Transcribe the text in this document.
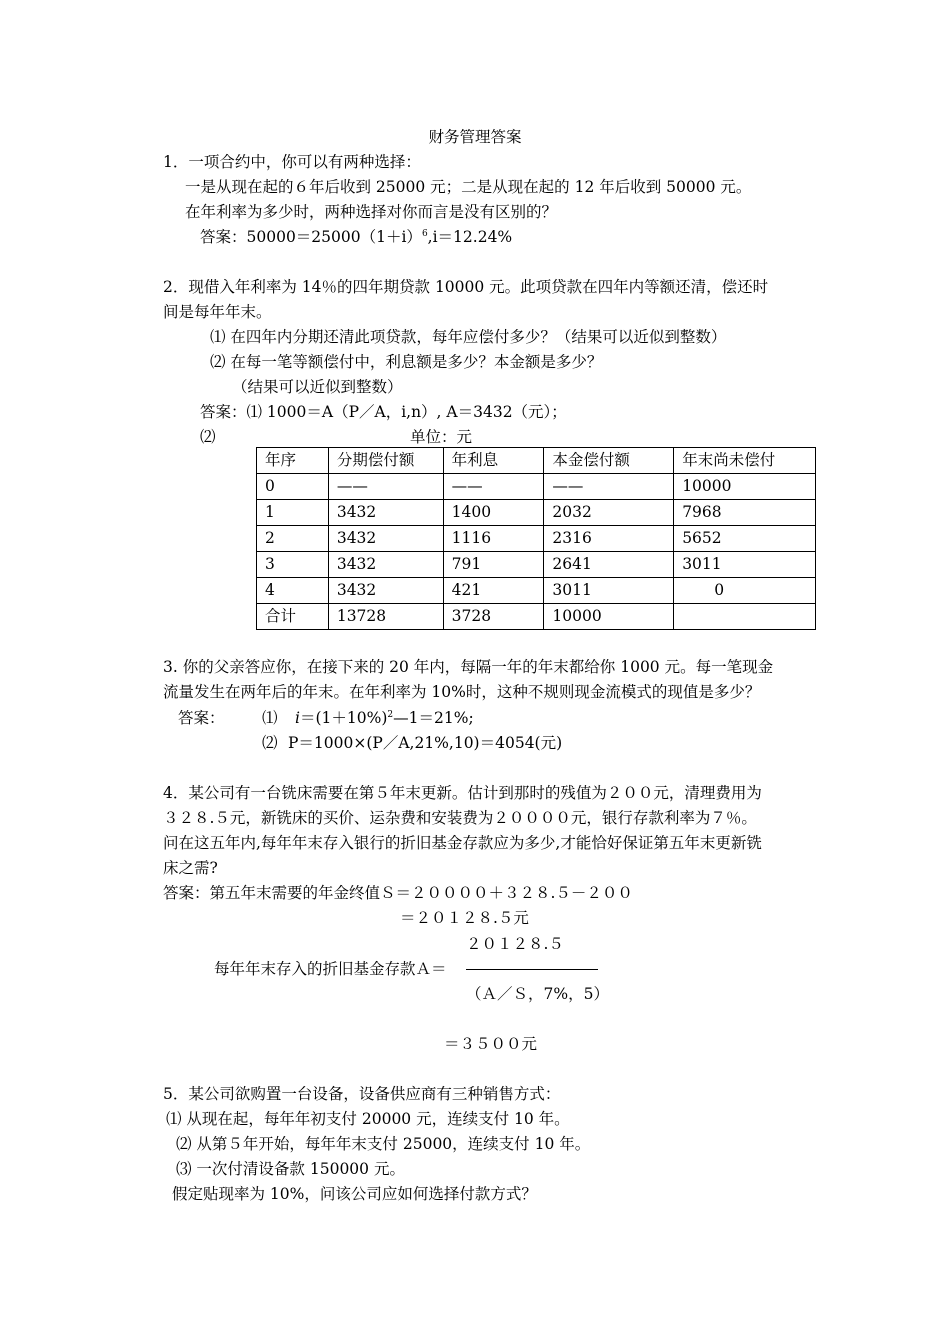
财务管理答案
1．一项合约中，你可以有两种选择：
一是从现在起的６年后收到 25000 元；二是从现在起的 12 年后收到 50000 元。
在年利率为多少时，两种选择对你而言是没有区别的？
答案：$50000=25000(1+i)^6,i=12.24\%$
2．现借入年利率为 14％的四年期贷款 10000 元。此项贷款在四年内等额还清，偿还时
间是每年年末。
⑴ 在四年内分期还清此项贷款，每年应偿付多少？（结果可以近似到整数）
⑵ 在每一笔等额偿付中，利息额是多少？本金额是多少？
（结果可以近似到整数）
答案：⑴ 1000＝A（P／A，i,n）, A＝3432（元）；
⑵	单位：元
年序	分期偿付额	年利息	本金偿付额	年末尚未偿付
0	——	——	——	10000
1	3432	1400	2032	7968
2	3432	1116	2316	5652
3	3432	791	2641	3011
4	3432	421	3011	0
合计	13728	3728	10000	
3. 你的父亲答应你，在接下来的 20 年内，每隔一年的年末都给你 1000 元。每一笔现金
流量发生在两年后的年末。在年利率为 10%时，这种不规则现金流模式的现值是多少？
答案： ⑴ $i=(1+10\%)^2—1=21\%$;
⑵ P＝1000×(P／A,21%,10)＝4054(元)
4．某公司有一台铣床需要在第５年末更新。估计到那时的残值为２００元，清理费用为
３２８.５元，新铣床的买价、运杂费和安装费为２００００元，银行存款利率为７％。
问在这五年内,每年年末存入银行的折旧基金存款应为多少,才能恰好保证第五年末更新铣
床之需?
答案：第五年末需要的年金终值Ｓ＝２００００＋３２８.５－２００
＝２０１２８.５元
２０１２８.５
每年年末存入的折旧基金存款Ａ＝
（Ａ／Ｓ，7%，5）
＝３５００元
5．某公司欲购置一台设备，设备供应商有三种销售方式：
⑴ 从现在起，每年年初支付 20000 元，连续支付 10 年。
⑵ 从第５年开始，每年年末支付 25000，连续支付 10 年。
⑶ 一次付清设备款 150000 元。
假定贴现率为 10%，问该公司应如何选择付款方式？
